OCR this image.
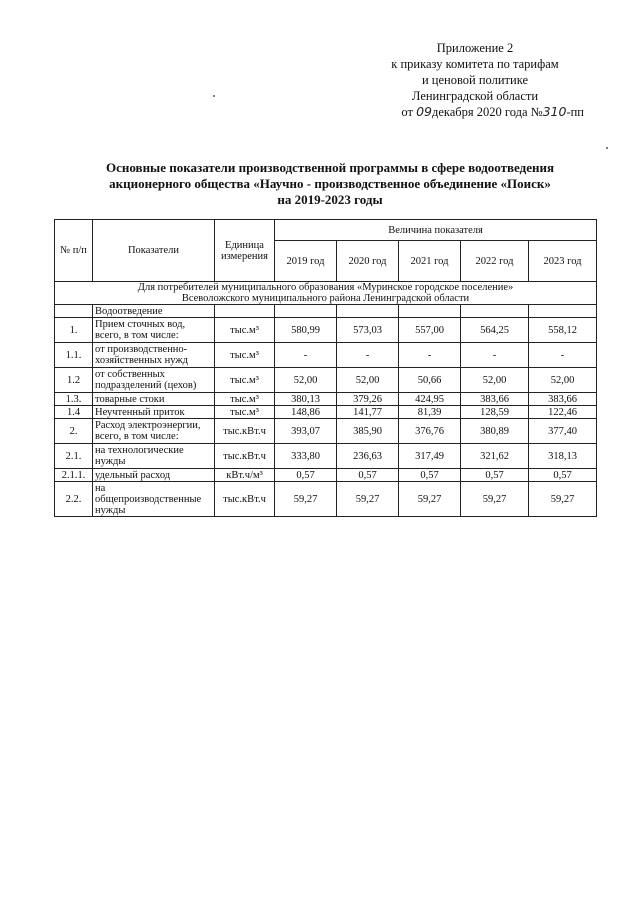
Приложение 2
к приказу комитета по тарифам
и ценовой политике
Ленинградской области
от 09декабря 2020 года №310-пп
Основные показатели производственной программы в сфере водоотведения
акционерного общества «Научно - производственное объединение «Поиск»
на 2019-2023 годы
№ п/п	Показатели	Единица измерения	Величина показателя				
			2019 год	2020 год	2021 год	2022 год	2023 год
Для потребителей муниципального образования «Муринское городское поселение»
Всеволожского муниципального района Ленинградской области							
	Водоотведение						
1.	Прием сточных вод, всего, в том числе:	тыс.м³	580,99	573,03	557,00	564,25	558,12
1.1.	от производственно-хозяйственных нужд	тыс.м³	-	-	-	-	-
1.2	от собственных подразделений (цехов)	тыс.м³	52,00	52,00	50,66	52,00	52,00
1.3.	товарные стоки	тыс.м³	380,13	379,26	424,95	383,66	383,66
1.4	Неучтенный приток	тыс.м³	148,86	141,77	81,39	128,59	122,46
2.	Расход электроэнергии, всего, в том числе:	тыс.кВт.ч	393,07	385,90	376,76	380,89	377,40
2.1.	на технологические нужды	тыс.кВт.ч	333,80	236,63	317,49	321,62	318,13
2.1.1.	удельный расход	кВт.ч/м³	0,57	0,57	0,57	0,57	0,57
2.2.	на общепроизводственные нужды	тыс.кВт.ч	59,27	59,27	59,27	59,27	59,27
